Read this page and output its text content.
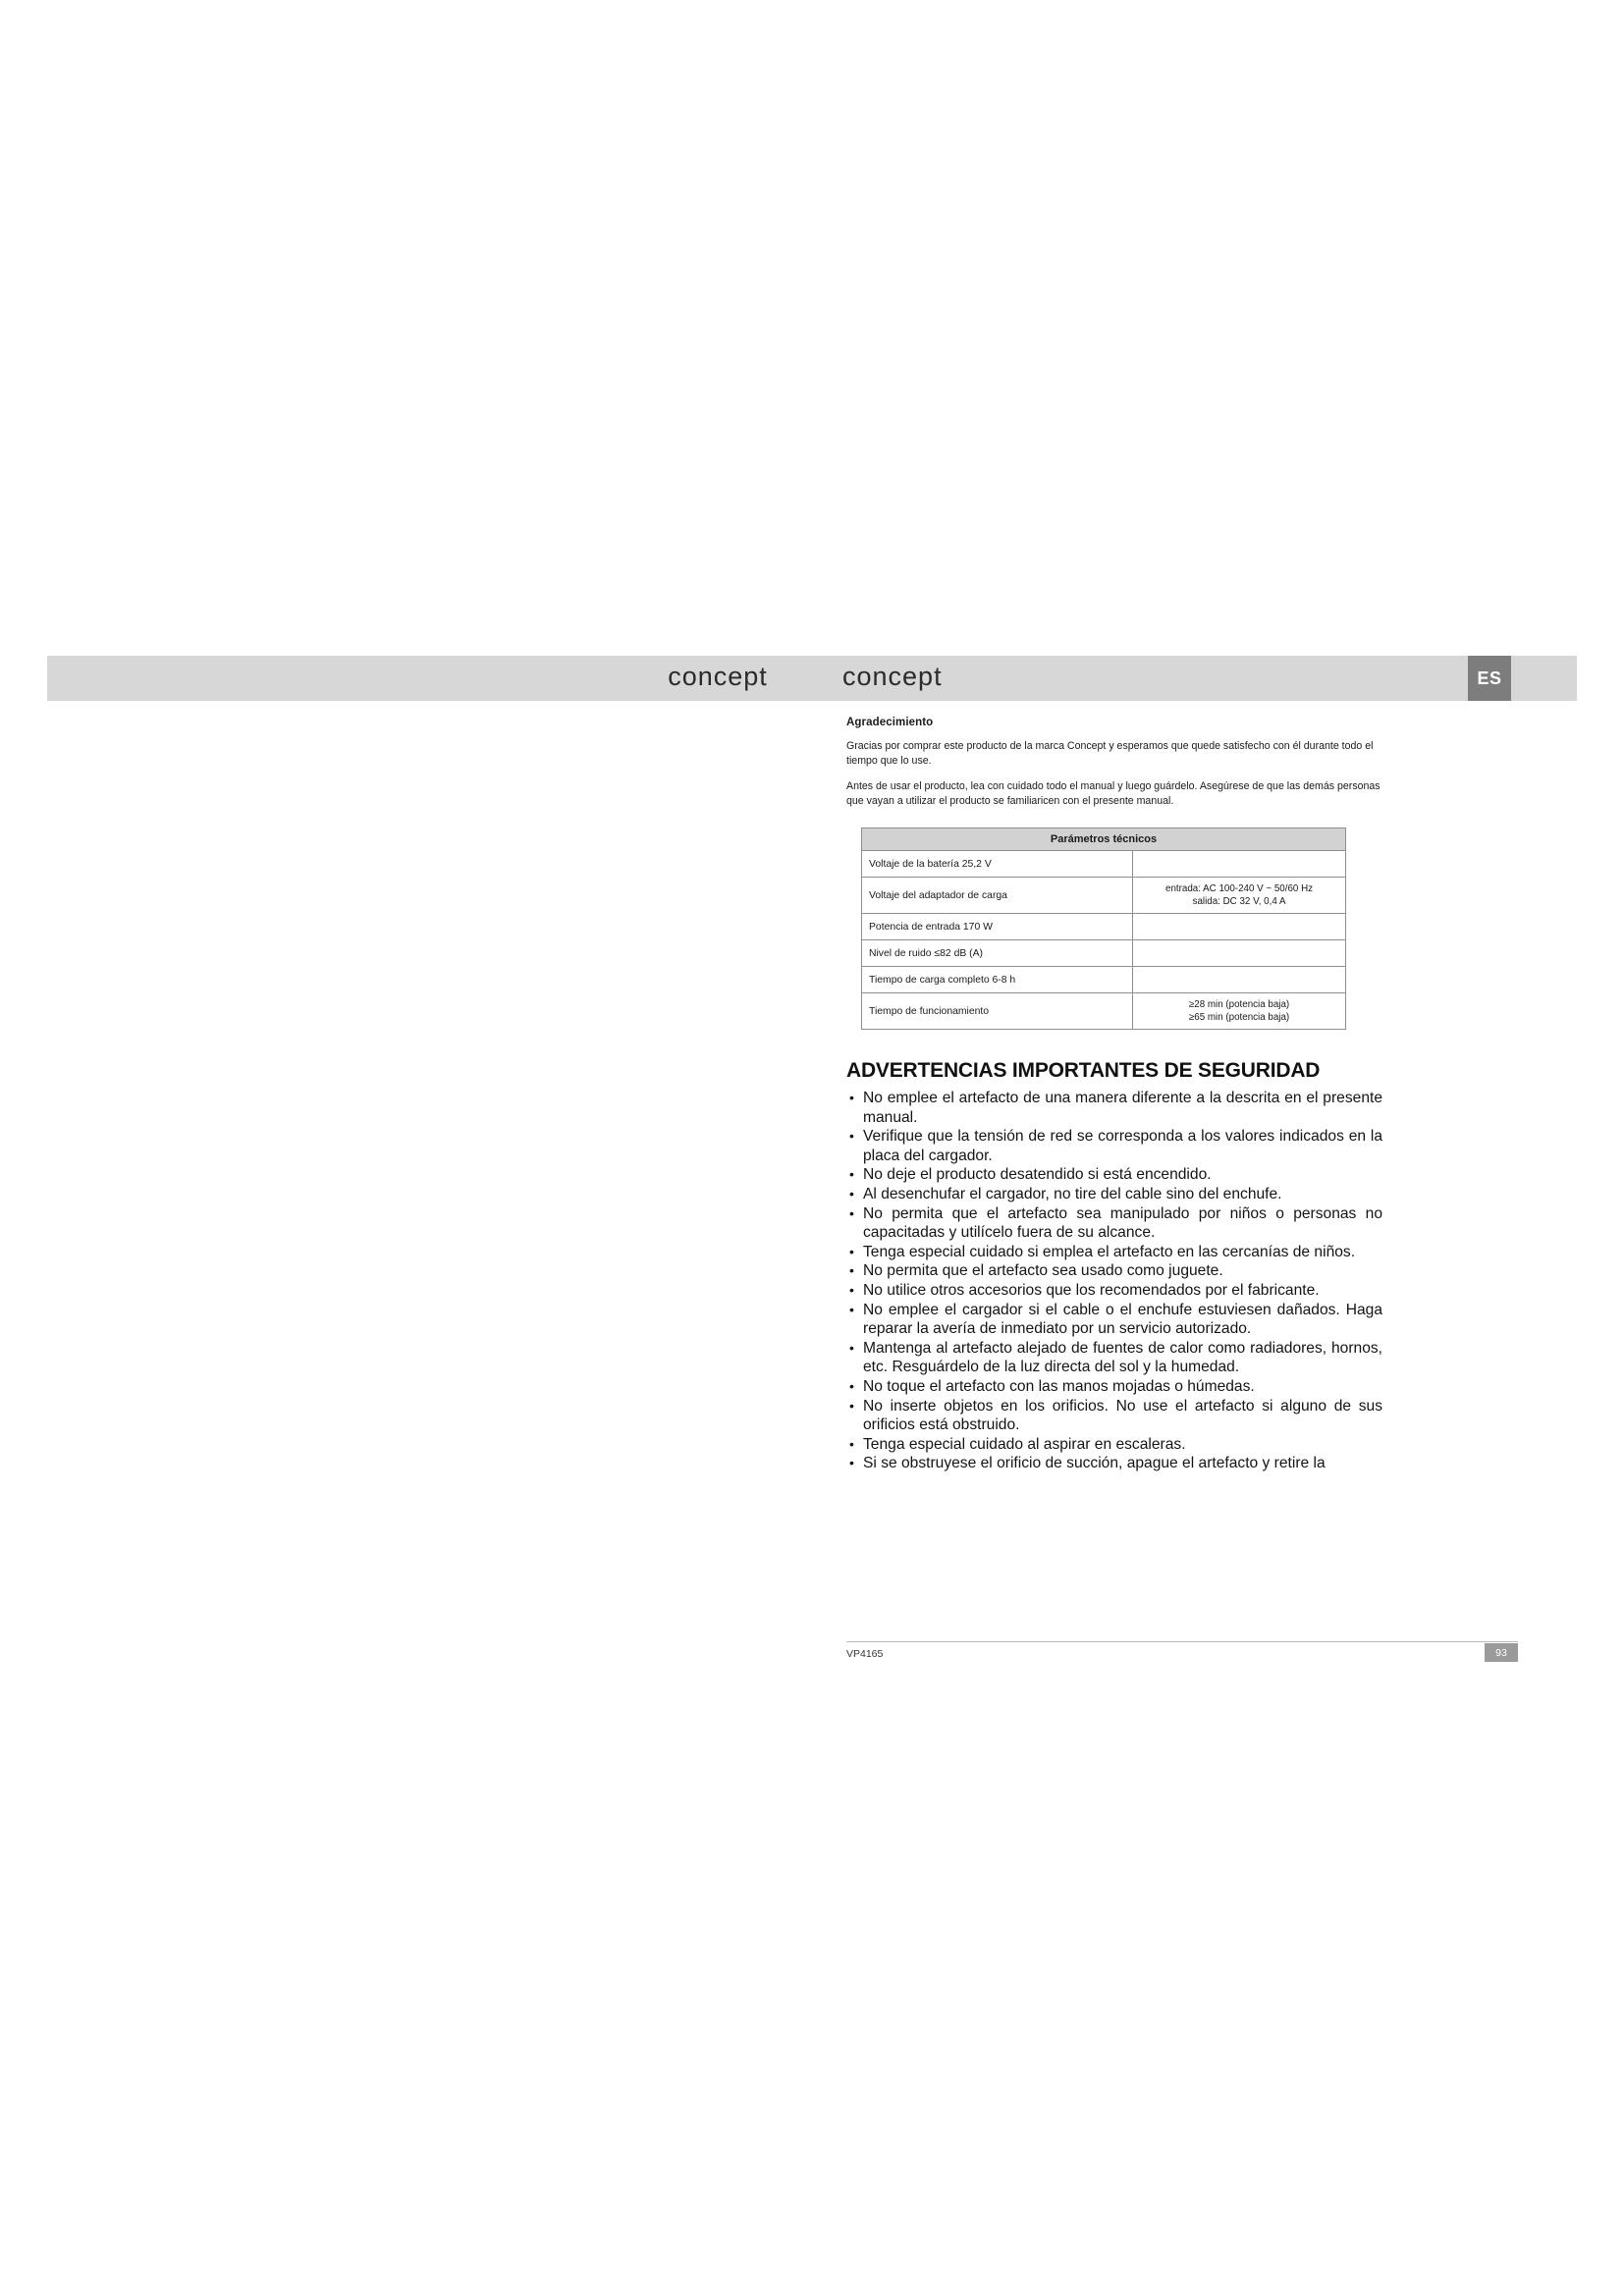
concept	concept	ES
Agradecimiento

Gracias por comprar este producto de la marca Concept y esperamos que quede satisfecho con él durante todo el tiempo que lo use.

Antes de usar el producto, lea con cuidado todo el manual y luego guárdelo. Asegúrese de que las demás personas que vayan a utilizar el producto se familiaricen con el presente manual.

Parámetros técnicos	
Voltaje de la batería 25,2 V	
Voltaje del adaptador de carga	entrada: AC 100-240 V ~ 50/60 Hz
salida: DC 32 V, 0,4 A
Potencia de entrada 170 W	
Nivel de ruido ≤82 dB (A)	
Tiempo de carga completo 6-8 h	
Tiempo de funcionamiento	≥28 min (potencia baja)
≥65 min (potencia baja)
ADVERTENCIAS IMPORTANTES DE SEGURIDAD
• No emplee el artefacto de una manera diferente a la descrita en el presente manual.
• Verifique que la tensión de red se corresponda a los valores indicados en la placa del cargador.
• No deje el producto desatendido si está encendido.
• Al desenchufar el cargador, no tire del cable sino del enchufe.
• No permita que el artefacto sea manipulado por niños o personas no capacitadas y utilícelo fuera de su alcance.
• Tenga especial cuidado si emplea el artefacto en las cercanías de niños.
• No permita que el artefacto sea usado como juguete.
• No utilice otros accesorios que los recomendados por el fabricante.
• No emplee el cargador si el cable o el enchufe estuviesen dañados. Haga reparar la avería de inmediato por un servicio autorizado.
• Mantenga al artefacto alejado de fuentes de calor como radiadores, hornos, etc. Resguárdelo de la luz directa del sol y la humedad.
• No toque el artefacto con las manos mojadas o húmedas.
• No inserte objetos en los orificios. No use el artefacto si alguno de sus orificios está obstruido.
• Tenga especial cuidado al aspirar en escaleras.
• Si se obstruyese el orificio de succión, apague el artefacto y retire la
VP4165	93
